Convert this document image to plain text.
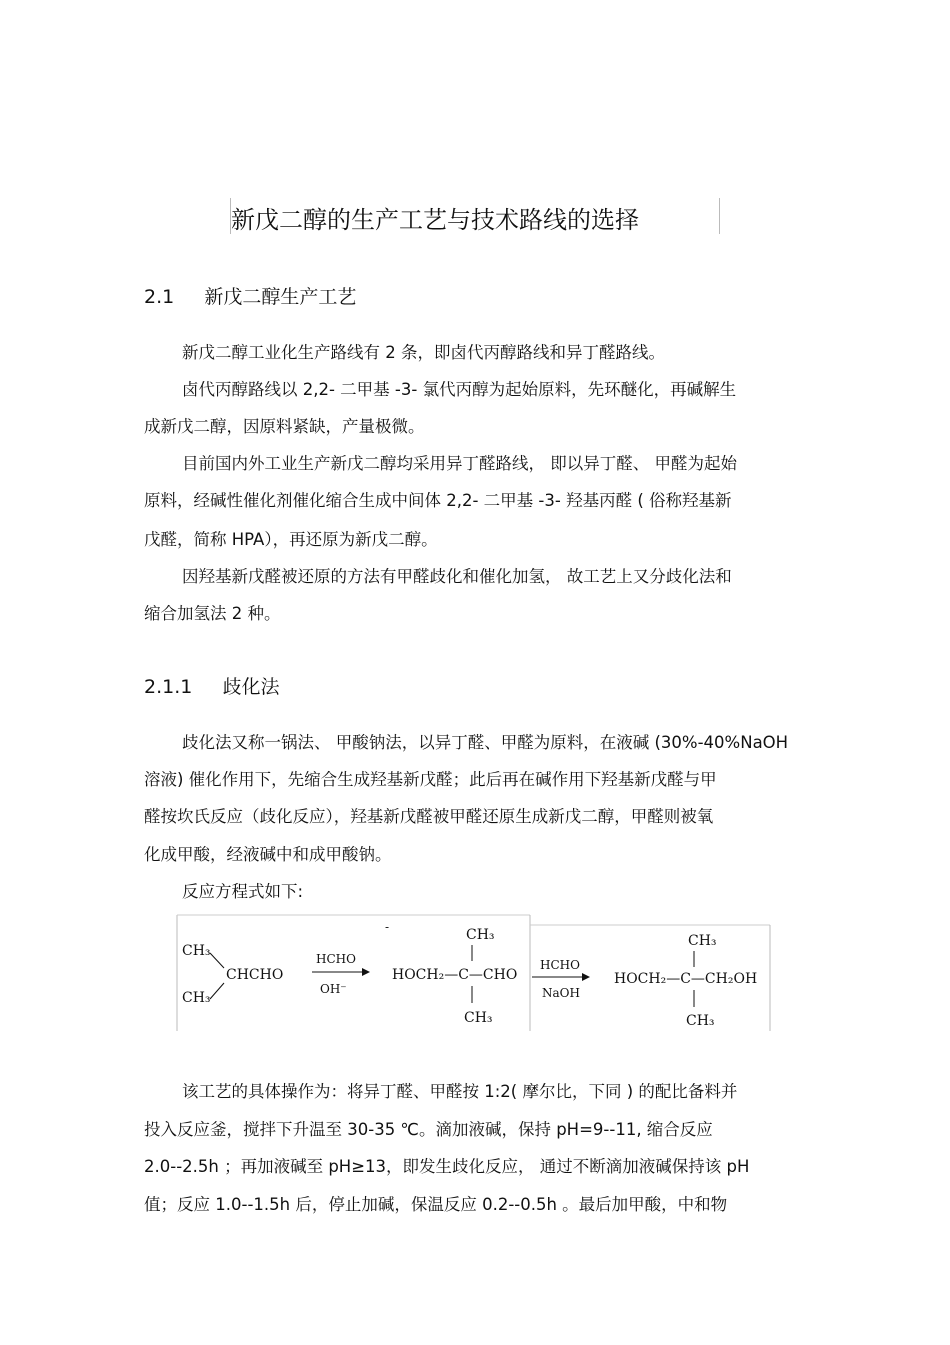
新戊二醇的生产工艺与技术路线的选择
2.1 新戊二醇生产工艺
新戊二醇工业化生产路线有 2 条，即卤代丙醇路线和异丁醛路线。
卤代丙醇路线以 2,2- 二甲基 -3- 氯代丙醇为起始原料，先环醚化，再碱解生
成新戊二醇，因原料紧缺，产量极微。
目前国内外工业生产新戊二醇均采用异丁醛路线， 即以异丁醛、 甲醛为起始
原料，经碱性催化剂催化缩合生成中间体 2,2- 二甲基 -3- 羟基丙醛 ( 俗称羟基新
戊醛，简称 HPA），再还原为新戊二醇。
因羟基新戊醛被还原的方法有甲醛歧化和催化加氢， 故工艺上又分歧化法和
缩合加氢法 2 种。
2.1.1 歧化法
歧化法又称一锅法、 甲酸钠法，以异丁醛、甲醛为原料，在液碱 (30%-40%NaOH
溶液) 催化作用下，先缩合生成羟基新戊醛；此后再在碱作用下羟基新戊醛与甲
醛按坎氏反应（歧化反应），羟基新戊醛被甲醛还原生成新戊二醇，甲醛则被氧
化成甲酸，经液碱中和成甲酸钠。
反应方程式如下:
-
CH₃
CH₃
CHCHO
HCHO
OH⁻
CH₃
HOCH₂—C—CHO
CH₃
HCHO
NaOH
CH₃
HOCH₂—C—CH₂OH
CH₃
该工艺的具体操作为：将异丁醛、甲醛按 1:2( 摩尔比，下同 ) 的配比备料并
投入反应釜，搅拌下升温至 30-35 ℃。滴加液碱，保持 pH=9--11, 缩合反应
2.0--2.5h ；再加液碱至 pH≥13，即发生歧化反应， 通过不断滴加液碱保持该 pH
值；反应 1.0--1.5h 后，停止加碱，保温反应 0.2--0.5h 。最后加甲酸，中和物
